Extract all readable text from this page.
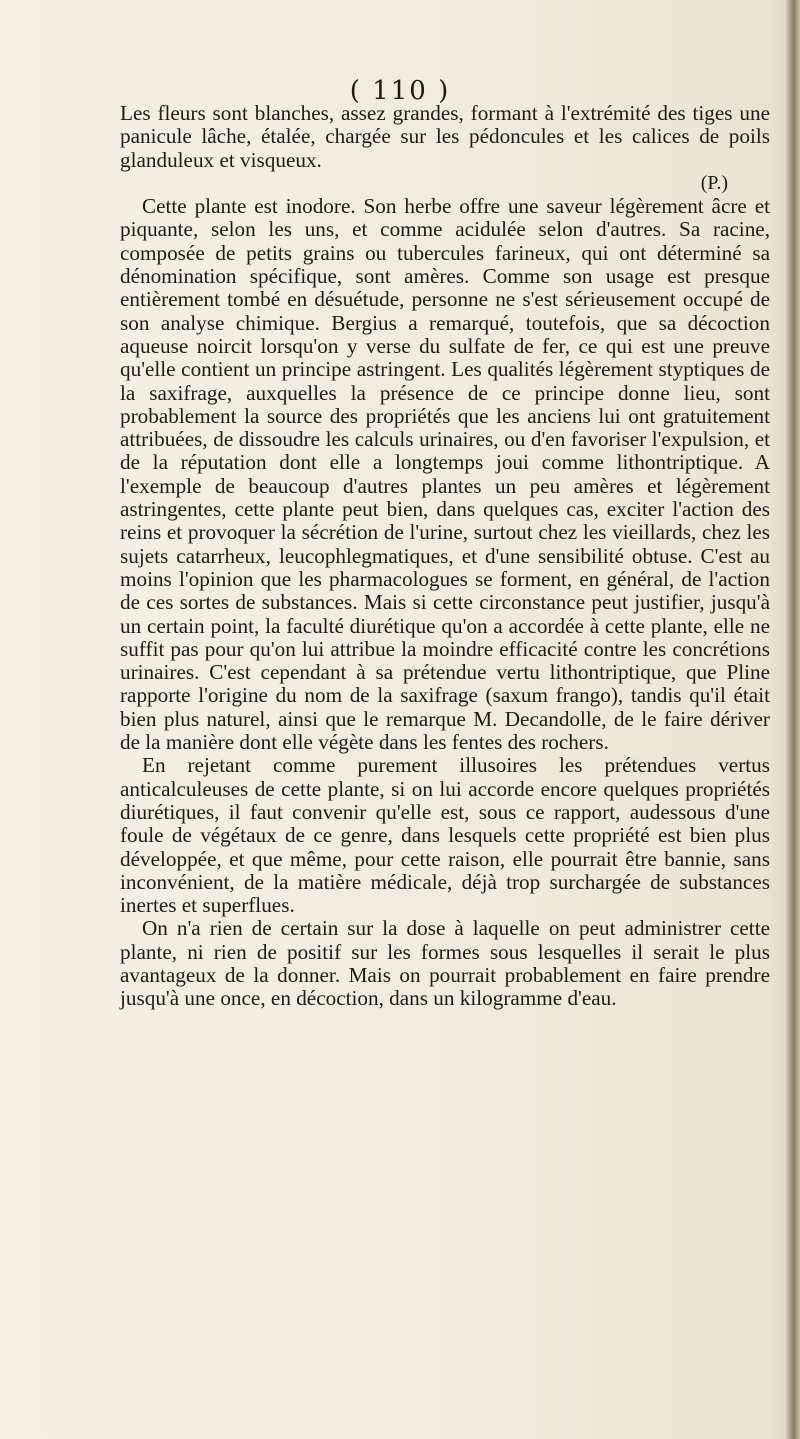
( 110 )

Les fleurs sont blanches, assez grandes, formant à l'extrémité des tiges une panicule lâche, étalée, chargée sur les pédoncules et les calices de poils glanduleux et visqueux.

(P.)

Cette plante est inodore. Son herbe offre une saveur légèrement âcre et piquante, selon les uns, et comme acidulée selon d'autres. Sa racine, composée de petits grains ou tubercules farineux, qui ont déterminé sa dénomination spécifique, sont amères. Comme son usage est presque entièrement tombé en désuétude, personne ne s'est sérieusement occupé de son analyse chimique. Bergius a remarqué, toutefois, que sa décoction aqueuse noircit lorsqu'on y verse du sulfate de fer, ce qui est une preuve qu'elle contient un principe astringent. Les qualités légèrement styptiques de la saxifrage, auxquelles la présence de ce principe donne lieu, sont probablement la source des propriétés que les anciens lui ont gratuitement attribuées, de dissoudre les calculs urinaires, ou d'en favoriser l'expulsion, et de la réputation dont elle a longtemps joui comme lithontriptique. A l'exemple de beaucoup d'autres plantes un peu amères et légèrement astringentes, cette plante peut bien, dans quelques cas, exciter l'action des reins et provoquer la sécrétion de l'urine, surtout chez les vieillards, chez les sujets catarrheux, leucophlegmatiques, et d'une sensibilité obtuse. C'est au moins l'opinion que les pharmacologues se forment, en général, de l'action de ces sortes de substances. Mais si cette circonstance peut justifier, jusqu'à un certain point, la faculté diurétique qu'on a accordée à cette plante, elle ne suffit pas pour qu'on lui attribue la moindre efficacité contre les concrétions urinaires. C'est cependant à sa prétendue vertu lithontriptique, que Pline rapporte l'origine du nom de la saxifrage (saxum frango), tandis qu'il était bien plus naturel, ainsi que le remarque M. Decandolle, de le faire dériver de la manière dont elle végète dans les fentes des rochers.

En rejetant comme purement illusoires les prétendues vertus anticalculeuses de cette plante, si on lui accorde encore quelques propriétés diurétiques, il faut convenir qu'elle est, sous ce rapport, audessous d'une foule de végétaux de ce genre, dans lesquels cette propriété est bien plus développée, et que même, pour cette raison, elle pourrait être bannie, sans inconvénient, de la matière médicale, déjà trop surchargée de substances inertes et superflues.

On n'a rien de certain sur la dose à laquelle on peut administrer cette plante, ni rien de positif sur les formes sous lesquelles il serait le plus avantageux de la donner. Mais on pourrait probablement en faire prendre jusqu'à une once, en décoction, dans un kilogramme d'eau.
